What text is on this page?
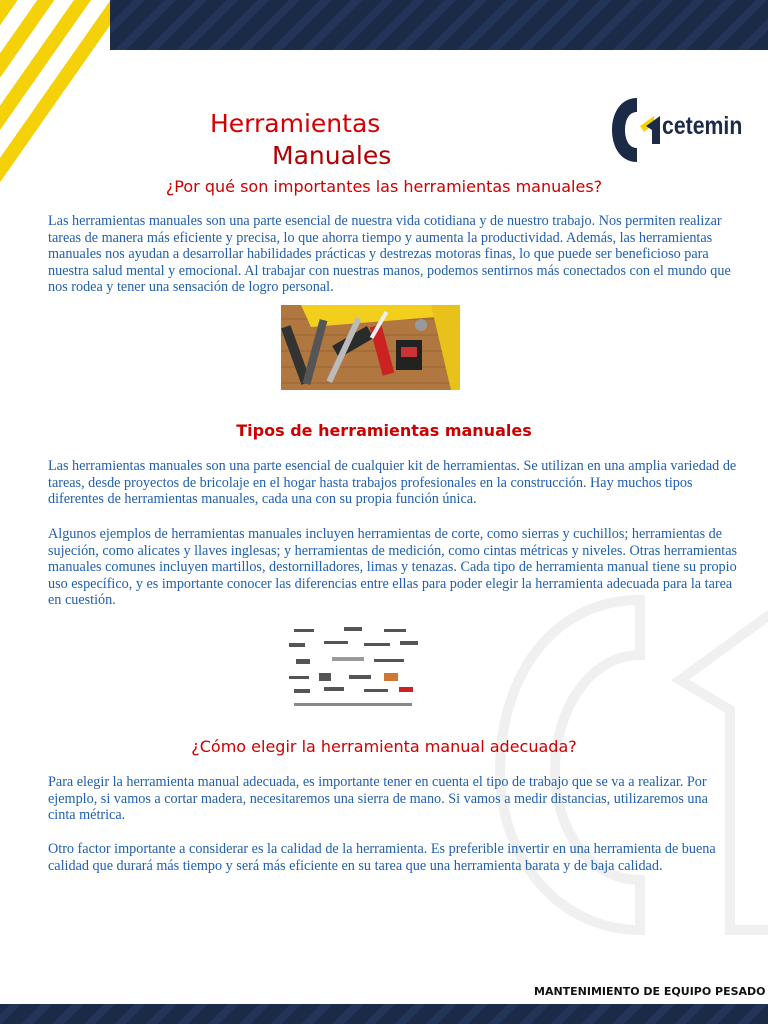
cetemin
Herramientas
Manuales
¿Por qué son importantes las herramientas manuales?
Las herramientas manuales son una parte esencial de nuestra vida cotidiana y de nuestro trabajo. Nos permiten realizar tareas de manera más eficiente y precisa, lo que ahorra tiempo y aumenta la productividad. Además, las herramientas manuales nos ayudan a desarrollar habilidades prácticas y destrezas motoras finas, lo que puede ser beneficioso para nuestra salud mental y emocional. Al trabajar con nuestras manos, podemos sentirnos más conectados con el mundo que nos rodea y tener una sensación de logro personal.
Tipos de herramientas manuales
Las herramientas manuales son una parte esencial de cualquier kit de herramientas. Se utilizan en una amplia variedad de tareas, desde proyectos de bricolaje en el hogar hasta trabajos profesionales en la construcción. Hay muchos tipos diferentes de herramientas manuales, cada una con su propia función única.
Algunos ejemplos de herramientas manuales incluyen herramientas de corte, como sierras y cuchillos; herramientas de sujeción, como alicates y llaves inglesas; y herramientas de medición, como cintas métricas y niveles. Otras herramientas manuales comunes incluyen martillos, destornilladores, limas y tenazas. Cada tipo de herramienta manual tiene su propio uso específico, y es importante conocer las diferencias entre ellas para poder elegir la herramienta adecuada para la tarea en cuestión.
¿Cómo elegir la herramienta manual adecuada?
Para elegir la herramienta manual adecuada, es importante tener en cuenta el tipo de trabajo que se va a realizar. Por ejemplo, si vamos a cortar madera, necesitaremos una sierra de mano. Si vamos a medir distancias, utilizaremos una cinta métrica.
Otro factor importante a considerar es la calidad de la herramienta. Es preferible invertir en una herramienta de buena calidad que durará más tiempo y será más eficiente en su tarea que una herramienta barata y de baja calidad.
MANTENIMIENTO DE EQUIPO PESADO
